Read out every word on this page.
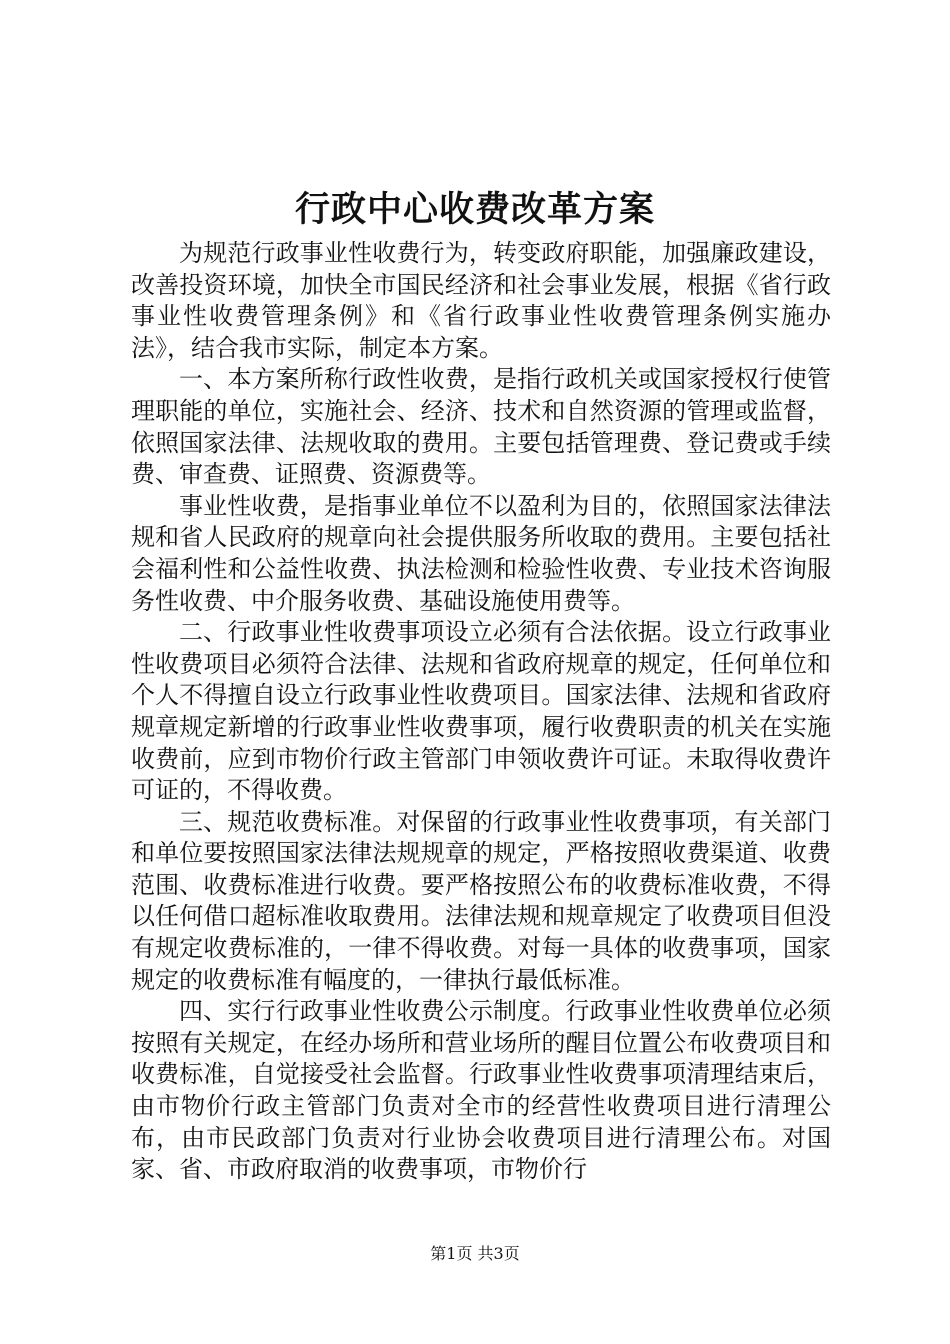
行政中心收费改革方案

为规范行政事业性收费行为，转变政府职能，加强廉政建设，改善投资环境，加快全市国民经济和社会事业发展，根据《省行政事业性收费管理条例》和《省行政事业性收费管理条例实施办法》，结合我市实际，制定本方案。

一、本方案所称行政性收费，是指行政机关或国家授权行使管理职能的单位，实施社会、经济、技术和自然资源的管理或监督，依照国家法律、法规收取的费用。主要包括管理费、登记费或手续费、审查费、证照费、资源费等。

事业性收费，是指事业单位不以盈利为目的，依照国家法律法规和省人民政府的规章向社会提供服务所收取的费用。主要包括社会福利性和公益性收费、执法检测和检验性收费、专业技术咨询服务性收费、中介服务收费、基础设施使用费等。

二、行政事业性收费事项设立必须有合法依据。设立行政事业性收费项目必须符合法律、法规和省政府规章的规定，任何单位和个人不得擅自设立行政事业性收费项目。国家法律、法规和省政府规章规定新增的行政事业性收费事项，履行收费职责的机关在实施收费前，应到市物价行政主管部门申领收费许可证。未取得收费许可证的，不得收费。

三、规范收费标准。对保留的行政事业性收费事项，有关部门和单位要按照国家法律法规规章的规定，严格按照收费渠道、收费范围、收费标准进行收费。要严格按照公布的收费标准收费，不得以任何借口超标准收取费用。法律法规和规章规定了收费项目但没有规定收费标准的，一律不得收费。对每一具体的收费事项，国家规定的收费标准有幅度的，一律执行最低标准。

四、实行行政事业性收费公示制度。行政事业性收费单位必须按照有关规定，在经办场所和营业场所的醒目位置公布收费项目和收费标准，自觉接受社会监督。行政事业性收费事项清理结束后，由市物价行政主管部门负责对全市的经营性收费项目进行清理公布，由市民政部门负责对行业协会收费项目进行清理公布。对国家、省、市政府取消的收费事项，市物价行

第1页 共3页
